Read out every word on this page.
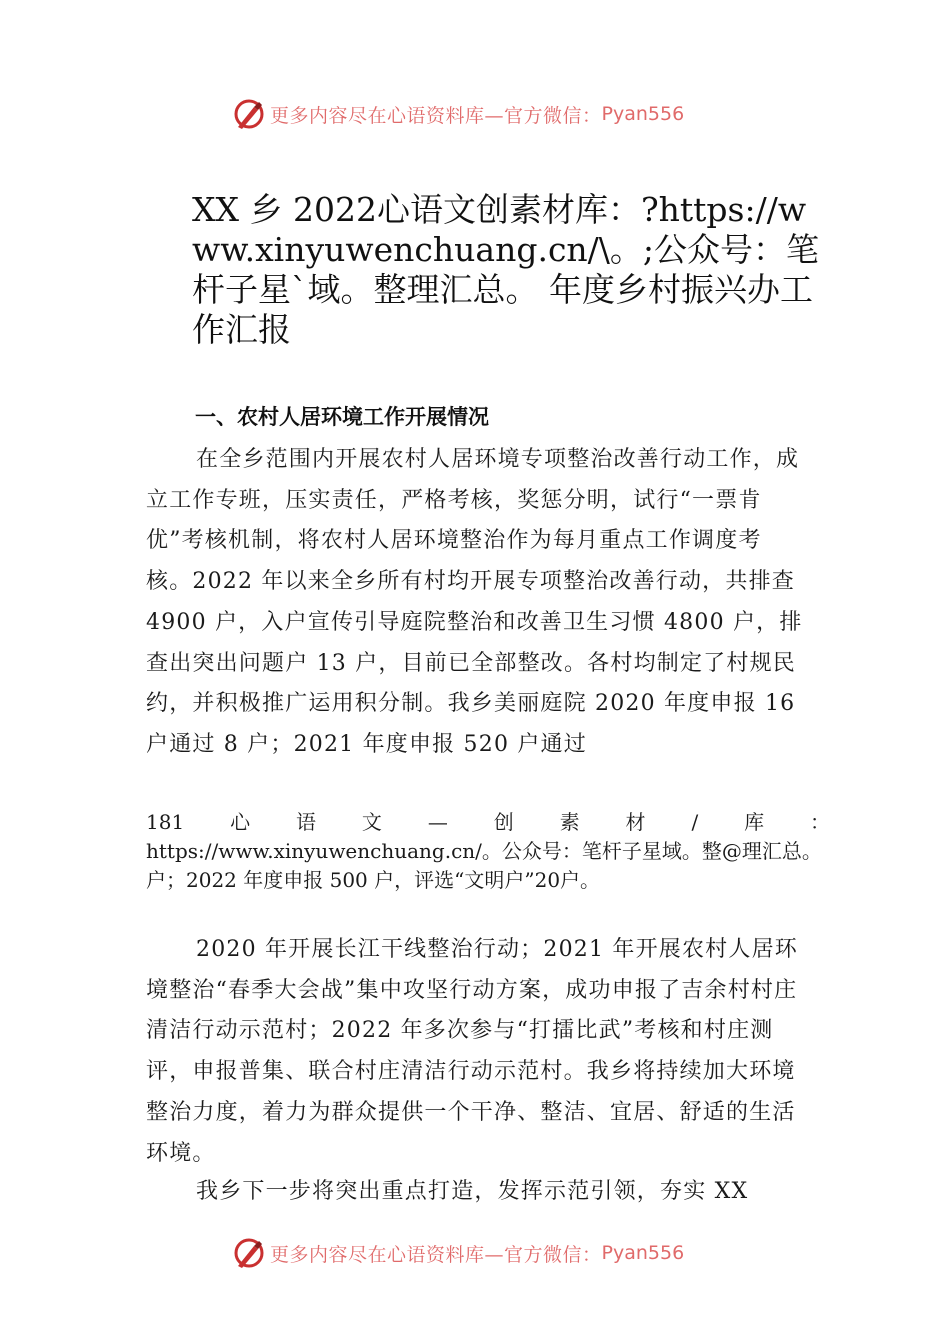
更多内容尽在心语资料库—官方微信： Pyan556
XX 乡 2022心语文创素材库：?https://www.xinyuwenchuang.cn/\。;公众号：笔杆子星`域。整理汇总。 年度乡村振兴办工作汇报
一、农村人居环境工作开展情况
在全乡范围内开展农村人居环境专项整治改善行动工作，成立工作专班，压实责任，严格考核，奖惩分明，试行“一票肯优”考核机制，将农村人居环境整治作为每月重点工作调度考核。2022 年以来全乡所有村均开展专项整治改善行动，共排查 4900 户，入户宣传引导庭院整治和改善卫生习惯 4800 户，排查出突出问题户 13 户，目前已全部整改。各村均制定了村规民约，并积极推广运用积分制。我乡美丽庭院 2020 年度申报 16 户通过 8 户；2021 年度申报 520 户通过
181 心 语 文 — 创 素 材 / 库 ：
https://www.xinyuwenchuang.cn/。公众号：笔杆子星域。整@理汇总。户；2022 年度申报 500 户，评选“文明户”20户。
2020 年开展长江干线整治行动；2021 年开展农村人居环境整治“春季大会战”集中攻坚行动方案，成功申报了吉余村村庄清洁行动示范村；2022 年多次参与“打擂比武”考核和村庄测评，申报普集、联合村庄清洁行动示范村。我乡将持续加大环境整治力度，着力为群众提供一个干净、整洁、宜居、舒适的生活环境。
我乡下一步将突出重点打造，发挥示范引领，夯实 XX
更多内容尽在心语资料库—官方微信： Pyan556
